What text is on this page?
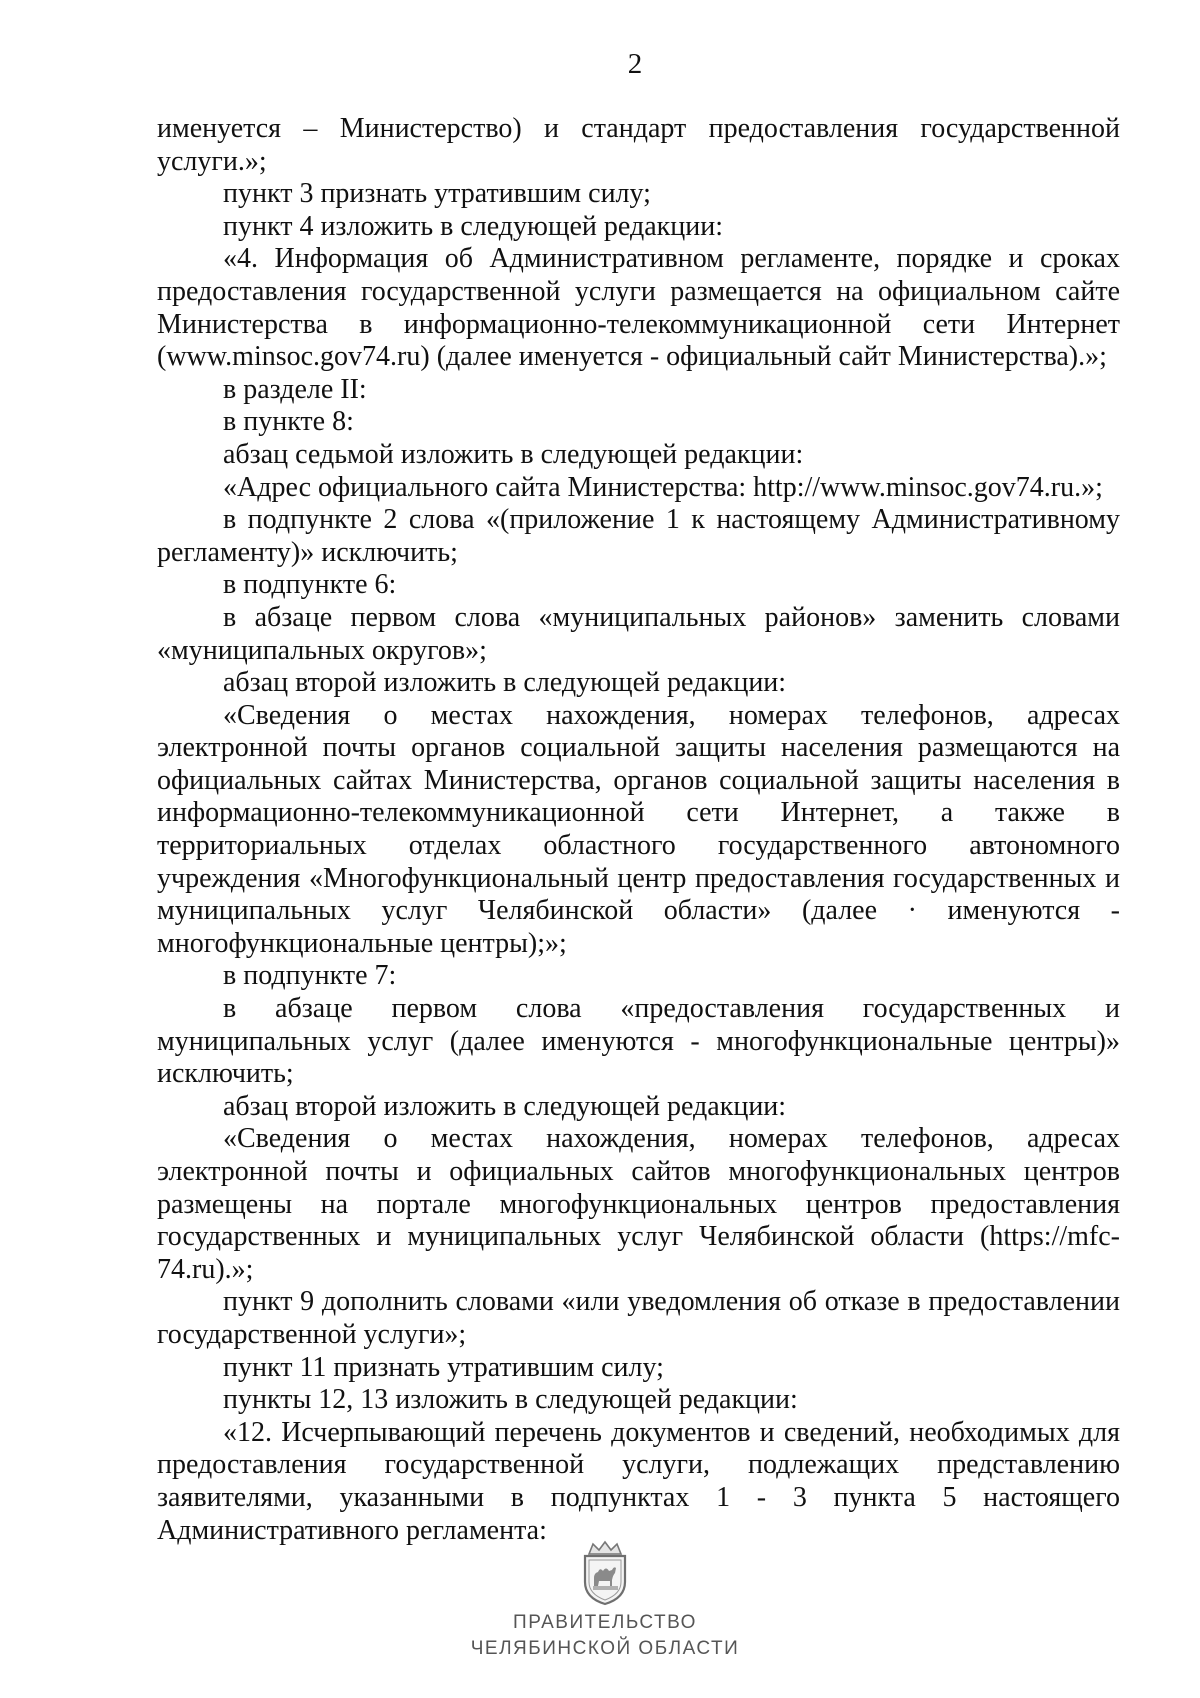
2

именуется – Министерство) и стандарт предоставления государственной услуги.»;

пункт 3 признать утратившим силу;

пункт 4 изложить в следующей редакции:

«4. Информация об Административном регламенте, порядке и сроках предоставления государственной услуги размещается на официальном сайте Министерства в информационно-телекоммуникационной сети Интернет (www.minsoc.gov74.ru) (далее именуется - официальный сайт Министерства).»;

в разделе II:

в пункте 8:

абзац седьмой изложить в следующей редакции:

«Адрес официального сайта Министерства: http://www.minsoc.gov74.ru.»;

в подпункте 2 слова «(приложение 1 к настоящему Административному регламенту)» исключить;

в подпункте 6:

в абзаце первом слова «муниципальных районов» заменить словами «муниципальных округов»;

абзац второй изложить в следующей редакции:

«Сведения о местах нахождения, номерах телефонов, адресах электронной почты органов социальной защиты населения размещаются на официальных сайтах Министерства, органов социальной защиты населения в информационно-телекоммуникационной сети Интернет, а также в территориальных отделах областного государственного автономного учреждения «Многофункциональный центр предоставления государственных и муниципальных услуг Челябинской области» (далее · именуются - многофункциональные центры);»;

в подпункте 7:

в абзаце первом слова «предоставления государственных и муниципальных услуг (далее именуются - многофункциональные центры)» исключить;

абзац второй изложить в следующей редакции:

«Сведения о местах нахождения, номерах телефонов, адресах электронной почты и официальных сайтов многофункциональных центров размещены на портале многофункциональных центров предоставления государственных и муниципальных услуг Челябинской области (https://mfc-74.ru).»;

пункт 9 дополнить словами «или уведомления об отказе в предоставлении государственной услуги»;

пункт 11 признать утратившим силу;

пункты 12, 13 изложить в следующей редакции:

«12. Исчерпывающий перечень документов и сведений, необходимых для предоставления государственной услуги, подлежащих представлению заявителями, указанными в подпунктах 1 - 3 пункта 5 настоящего Административного регламента:

ПРАВИТЕЛЬСТВО
ЧЕЛЯБИНСКОЙ ОБЛАСТИ
